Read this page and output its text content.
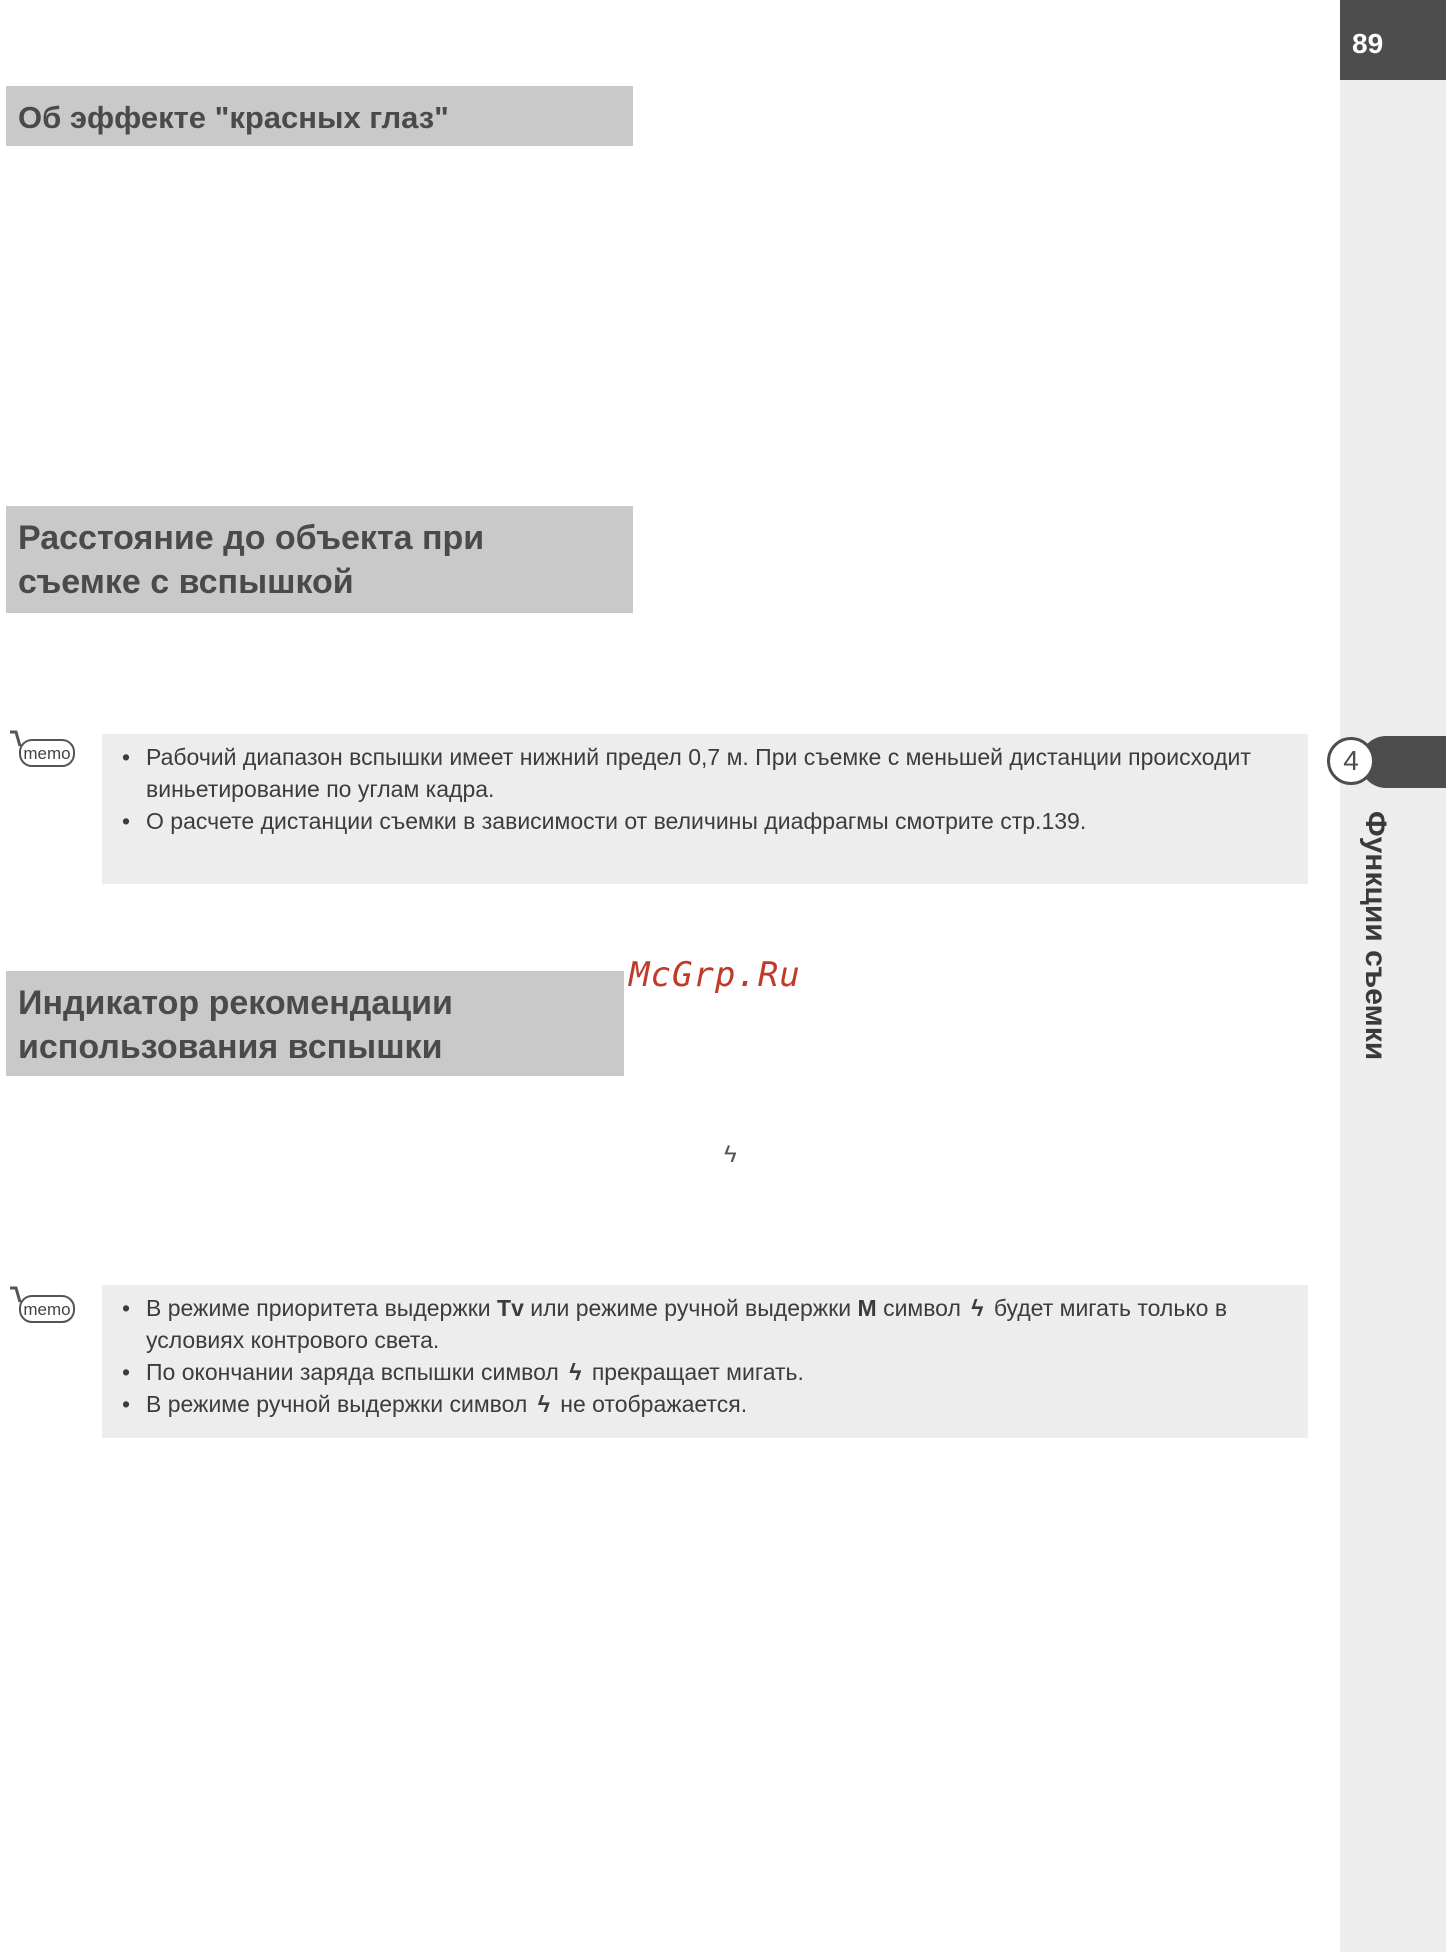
89
4
Функции съемки
Об эффекте "красных глаз"
Расстояние до объекта при
съемке с вспышкой
Индикатор рекомендации
использования вспышки
memo
memo
• Рабочий диапазон вспышки имеет нижний предел 0,7 м. При съемке с меньшей дистанции происходит виньетирование по углам кадра.
• О расчете дистанции съемки в зависимости от величины диафрагмы смотрите стр.139.
McGrp.Ru
ϟ
• В режиме приоритета выдержки Tv или режиме ручной выдержки M символ ϟ будет мигать только в условиях контрового света.
• По окончании заряда вспышки символ ϟ прекращает мигать.
• В режиме ручной выдержки символ ϟ не отображается.
